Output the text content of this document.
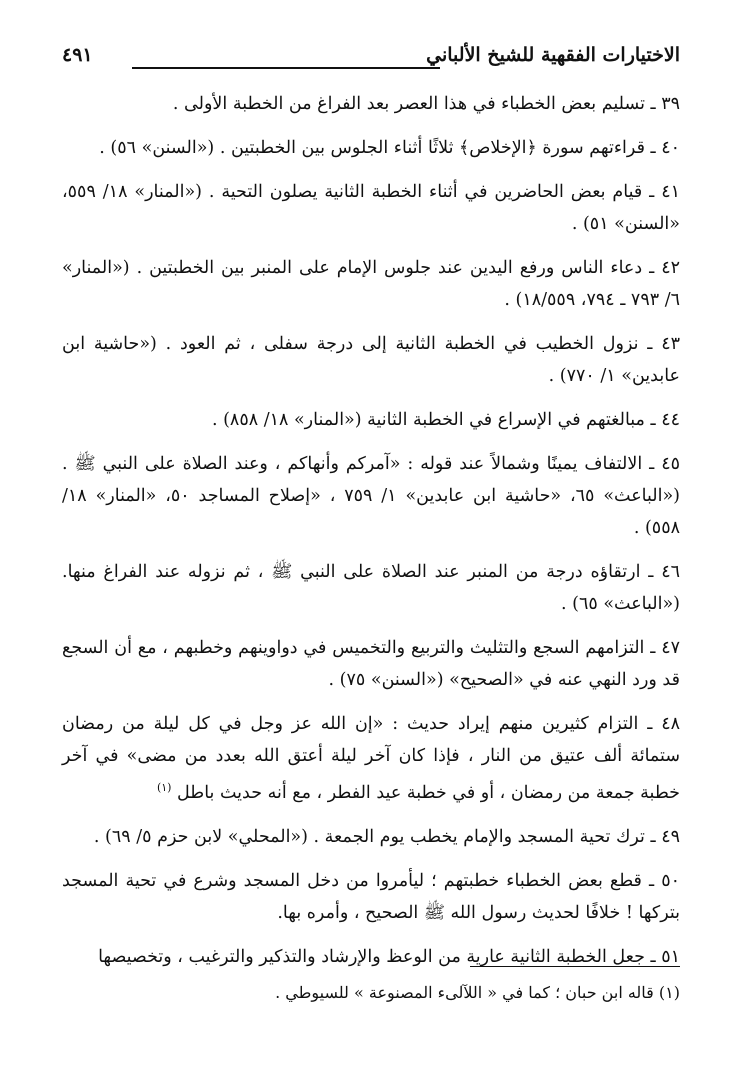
الاختيارات الفقهية للشيخ الألباني
٤٩١

٣٩ ـ تسليم بعض الخطباء في هذا العصر بعد الفراغ من الخطبة الأولى .

٤٠ ـ قراءتهم سورة ﴿الإخلاص﴾ ثلاثًا أثناء الجلوس بين الخطبتين . («السنن» ٥٦) .

٤١ ـ قيام بعض الحاضرين في أثناء الخطبة الثانية يصلون التحية . («المنار» ١٨/ ٥٥٩، «السنن» ٥١) .

٤٢ ـ دعاء الناس ورفع اليدين عند جلوس الإمام على المنبر بين الخطبتين . («المنار» ٦/ ٧٩٣ ـ ٧٩٤، ١٨/٥٥٩) .

٤٣ ـ نزول الخطيب في الخطبة الثانية إلى درجة سفلى ، ثم العود . («حاشية ابن عابدين» ١/ ٧٧٠) .

٤٤ ـ مبالغتهم في الإسراع في الخطبة الثانية («المنار» ١٨/ ٨٥٨) .

٤٥ ـ الالتفاف يمينًا وشمالاً عند قوله : «آمركم وأنهاكم ، وعند الصلاة على النبي ﷺ . («الباعث» ٦٥، «حاشية ابن عابدين» ١/ ٧٥٩ ، «إصلاح المساجد ٥٠، «المنار» ١٨/ ٥٥٨) .

٤٦ ـ ارتقاؤه درجة من المنبر عند الصلاة على النبي ﷺ ، ثم نزوله عند الفراغ منها. («الباعث» ٦٥) .

٤٧ ـ التزامهم السجع والتثليث والتربيع والتخميس في دواوينهم وخطبهم ، مع أن السجع قد ورد النهي عنه في «الصحيح» («السنن» ٧٥) .

٤٨ ـ التزام كثيرين منهم إيراد حديث : «إن الله عز وجل في كل ليلة من رمضان ستمائة ألف عتيق من النار ، فإذا كان آخر ليلة أعتق الله بعدد من مضى» في آخر خطبة جمعة من رمضان ، أو في خطبة عيد الفطر ، مع أنه حديث باطل $^{(١)}$

٤٩ ـ ترك تحية المسجد والإمام يخطب يوم الجمعة . («المحلي» لابن حزم ٥/ ٦٩) .

٥٠ ـ قطع بعض الخطباء خطبتهم ؛ ليأمروا من دخل المسجد وشرع في تحية المسجد بتركها ! خلافًا لحديث رسول الله ﷺ الصحيح ، وأمره بها.

٥١ ـ جعل الخطبة الثانية عارية من الوعظ والإرشاد والتذكير والترغيب ، وتخصيصها

(١) قاله ابن حبان ؛ كما في « اللآلىء المصنوعة » للسيوطي .
